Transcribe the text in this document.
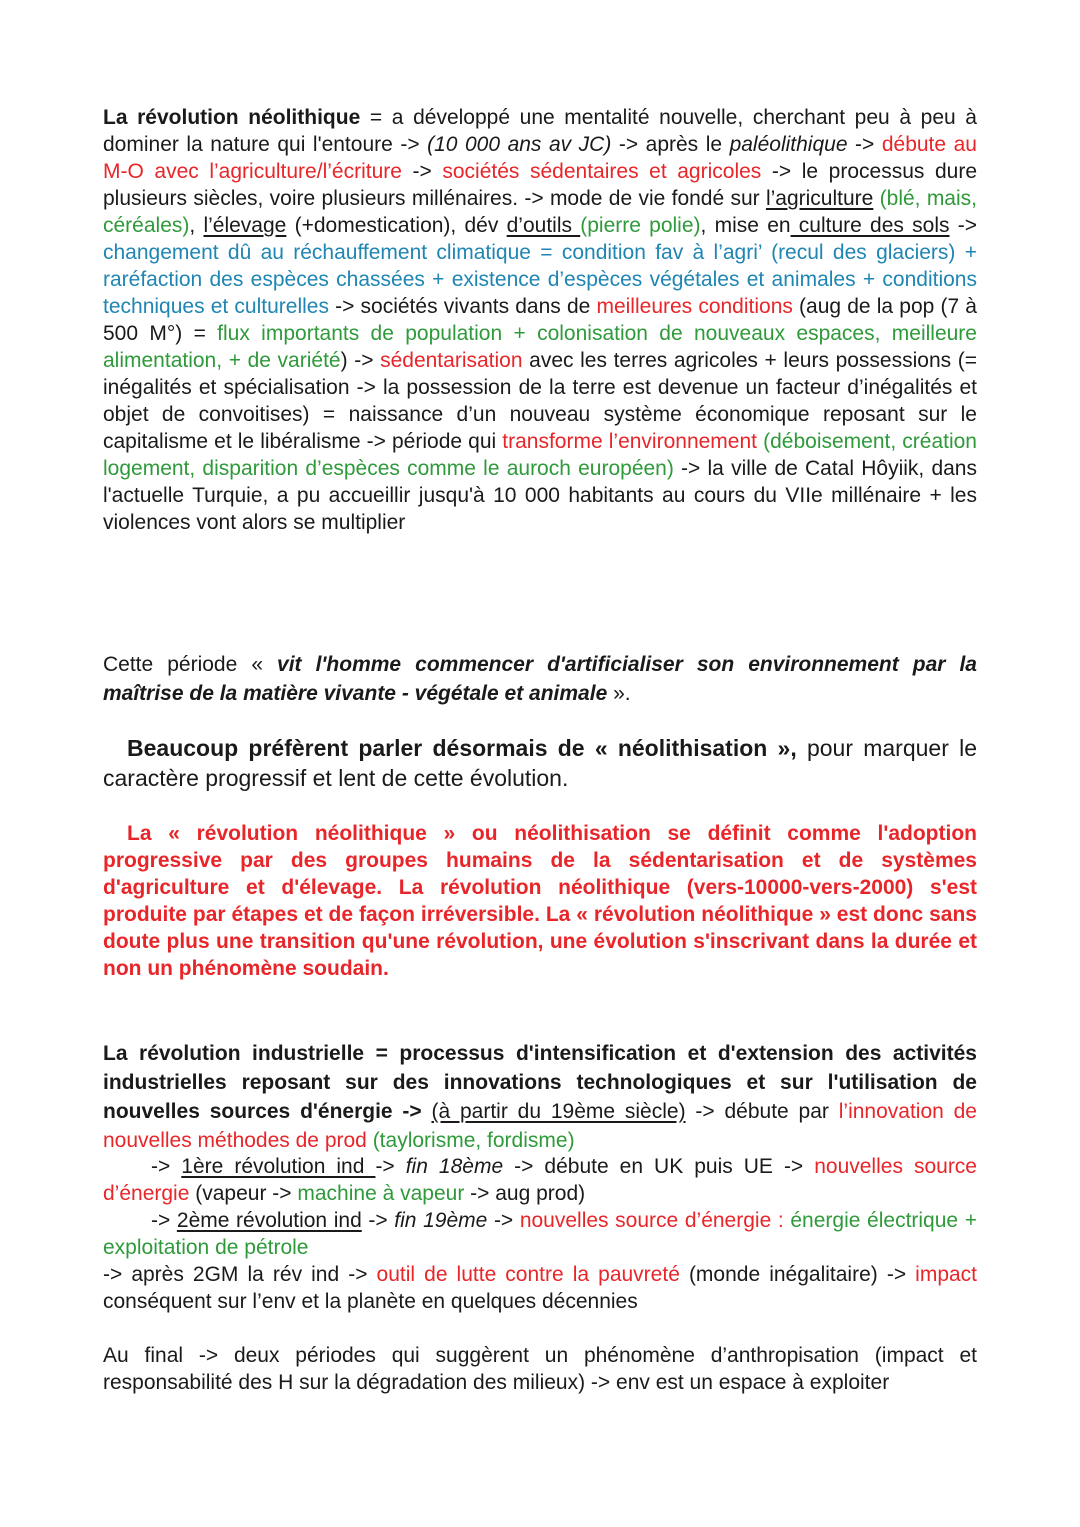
La révolution néolithique = a développé une mentalité nouvelle, cherchant peu à peu à dominer la nature qui l'entoure -> (10 000 ans av JC) -> après le paléolithique -> débute au M-O avec l’agriculture/l’écriture -> sociétés sédentaires et agricoles -> le processus dure plusieurs siècles, voire plusieurs millénaires. -> mode de vie fondé sur l’agriculture (blé, mais, céréales), l’élevage (+domestication), dév d’outils (pierre polie), mise en culture des sols -> changement dû au réchauffement climatique = condition fav à l’agri’ (recul des glaciers) + raréfaction des espèces chassées + existence d’espèces végétales et animales + conditions techniques et culturelles -> sociétés vivants dans de meilleures conditions (aug de la pop (7 à 500 M°) = flux importants de population + colonisation de nouveaux espaces, meilleure alimentation, + de variété) -> sédentarisation avec les terres agricoles + leurs possessions (= inégalités et spécialisation -> la possession de la terre est devenue un facteur d’inégalités et objet de convoitises) = naissance d’un nouveau système économique reposant sur le capitalisme et le libéralisme -> période qui transforme l’environnement (déboisement, création logement, disparition d’espèces comme le auroch européen) -> la ville de Catal Hôyiik, dans l'actuelle Turquie, a pu accueillir jusqu'à 10 000 habitants au cours du VIIe millénaire + les violences vont alors se multiplier

Cette période « vit l'homme commencer d'artificialiser son environnement par la maîtrise de la matière vivante - végétale et animale ».

Beaucoup préfèrent parler désormais de « néolithisation », pour marquer le caractère progressif et lent de cette évolution.

La « révolution néolithique » ou néolithisation se définit comme l'adoption progressive par des groupes humains de la sédentarisation et de systèmes d'agriculture et d'élevage. La révolution néolithique (vers-10000-vers-2000) s'est produite par étapes et de façon irréversible. La « révolution néolithique » est donc sans doute plus une transition qu'une révolution, une évolution s'inscrivant dans la durée et non un phénomène soudain.

La révolution industrielle = processus d'intensification et d'extension des activités industrielles reposant sur des innovations technologiques et sur l'utilisation de nouvelles sources d'énergie -> (à partir du 19ème siècle) -> débute par l’innovation de nouvelles méthodes de prod (taylorisme, fordisme)
-> 1ère révolution ind -> fin 18ème -> débute en UK puis UE -> nouvelles source d’énergie (vapeur -> machine à vapeur -> aug prod)
-> 2ème révolution ind -> fin 19ème -> nouvelles source d’énergie : énergie électrique + exploitation de pétrole
-> après 2GM la rév ind -> outil de lutte contre la pauvreté (monde inégalitaire) -> impact conséquent sur l’env et la planète en quelques décennies

Au final -> deux périodes qui suggèrent un phénomène d’anthropisation (impact et responsabilité des H sur la dégradation des milieux) -> env est un espace à exploiter
